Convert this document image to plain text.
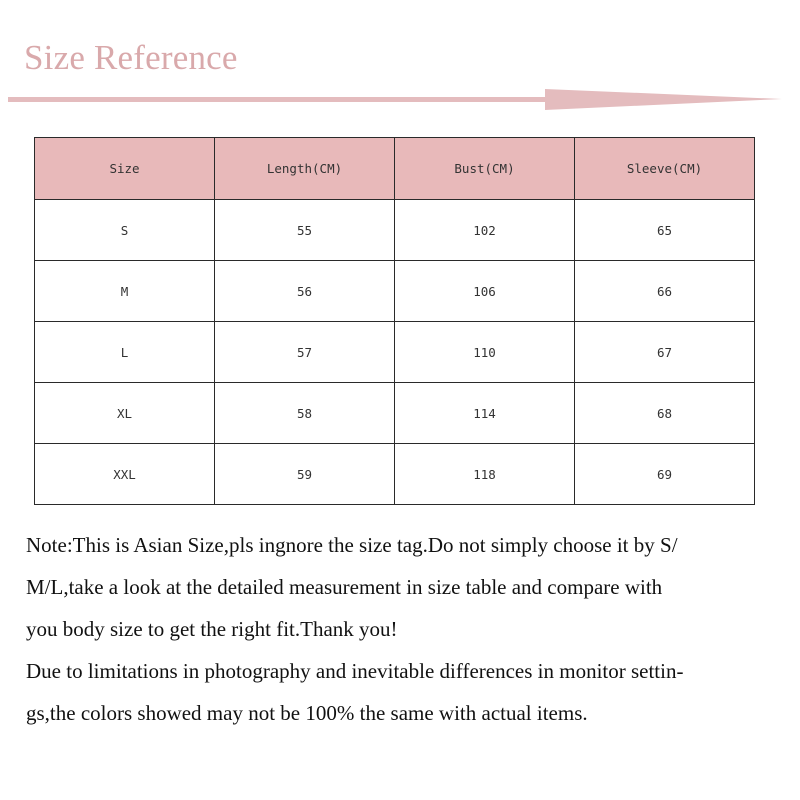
Size Reference
Size	Length(CM)	Bust(CM)	Sleeve(CM)
S	55	102	65
M	56	106	66
L	57	110	67
XL	58	114	68
XXL	59	118	69

Note:This is Asian Size,pls ingnore the size tag.Do not simply choose it by S/

M/L,take a look at the detailed measurement in size table and compare with

you body size to get the right fit.Thank you!

Due to limitations in photography and inevitable differences in monitor settin-

gs,the colors showed may not be 100% the same with actual items.
